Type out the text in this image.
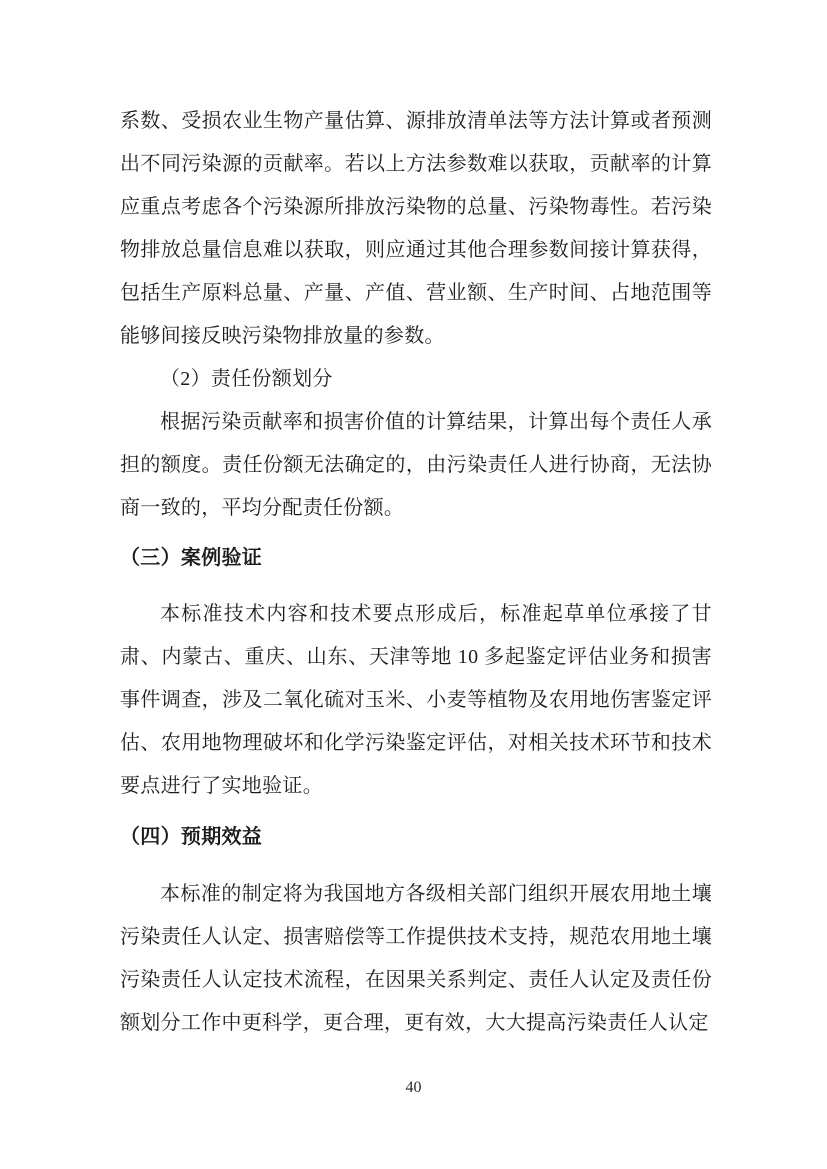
系数、受损农业生物产量估算、源排放清单法等方法计算或者预测出不同污染源的贡献率。若以上方法参数难以获取，贡献率的计算应重点考虑各个污染源所排放污染物的总量、污染物毒性。若污染物排放总量信息难以获取，则应通过其他合理参数间接计算获得，包括生产原料总量、产量、产值、营业额、生产时间、占地范围等能够间接反映污染物排放量的参数。

（2）责任份额划分

根据污染贡献率和损害价值的计算结果，计算出每个责任人承担的额度。责任份额无法确定的，由污染责任人进行协商，无法协商一致的，平均分配责任份额。

（三）案例验证

本标准技术内容和技术要点形成后，标准起草单位承接了甘肃、内蒙古、重庆、山东、天津等地 10 多起鉴定评估业务和损害事件调查，涉及二氧化硫对玉米、小麦等植物及农用地伤害鉴定评估、农用地物理破坏和化学污染鉴定评估，对相关技术环节和技术要点进行了实地验证。

（四）预期效益

本标准的制定将为我国地方各级相关部门组织开展农用地土壤污染责任人认定、损害赔偿等工作提供技术支持，规范农用地土壤污染责任人认定技术流程，在因果关系判定、责任人认定及责任份额划分工作中更科学，更合理，更有效，大大提高污染责任人认定

40
